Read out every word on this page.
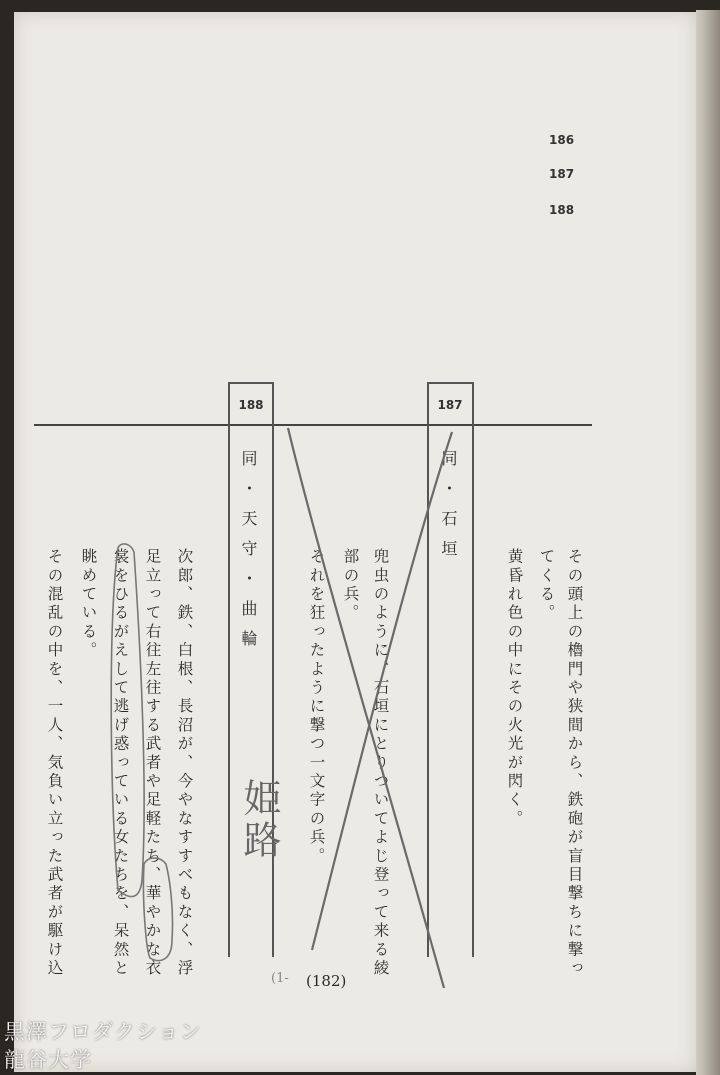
186
187
188
188
同・天守・曲輪
187
同・石垣
その頭上の櫓門や狭間から、鉄砲が盲目撃ちに撃っ
てくる。
黄昏れ色の中にその火光が閃く。
兜虫のように、石垣にとりついてよじ登って来る綾
部の兵。
それを狂ったように撃つ一文字の兵。
次郎、鉄、白根、長沼が、今やなすすべもなく、浮
足立って右往左往する武者や足軽たち、華やかな衣
裳をひるがえして逃げ惑っている女たちを、呆然と
眺めている。
その混乱の中を、一人、気負い立った武者が駆け込	姫路
(1- (182)
黒澤フロダクション
龍谷大学
